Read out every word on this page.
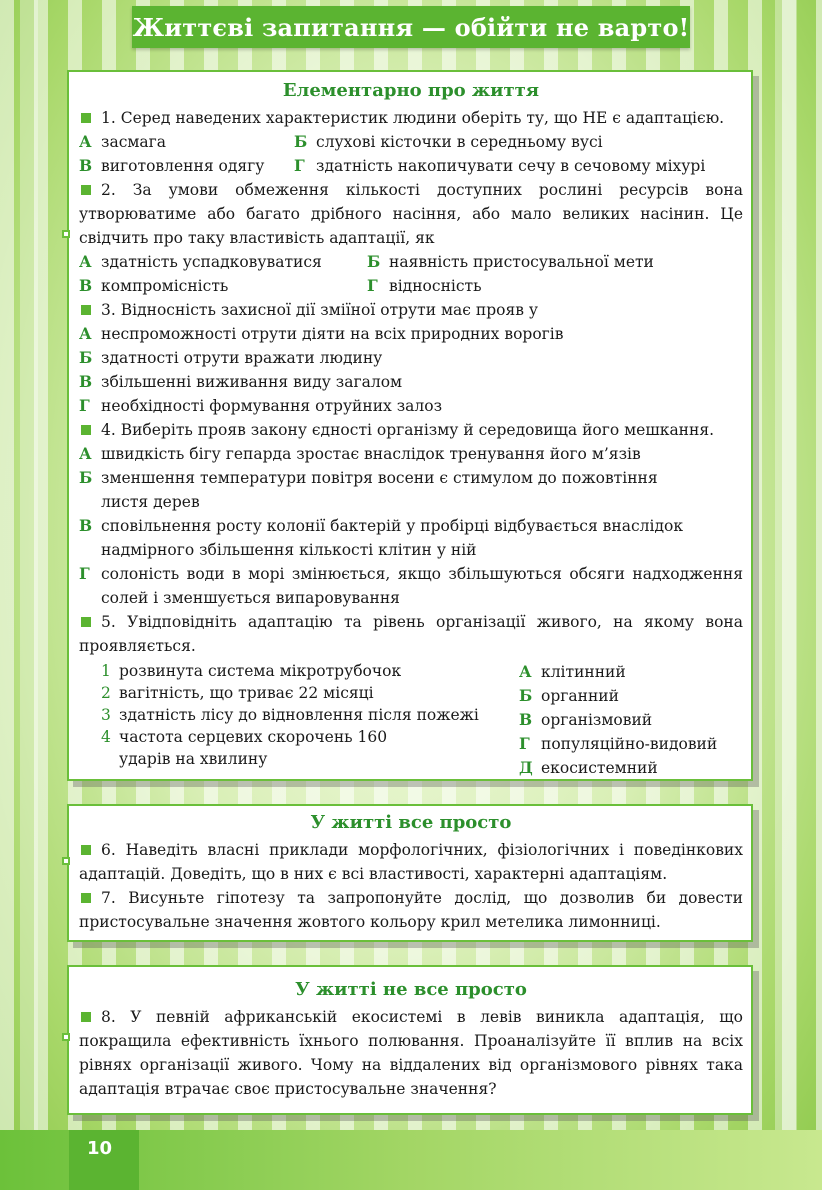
Життєві запитання — обійти не варто!
Елементарно про життя
1. Серед наведених характеристик людини оберіть ту, що НЕ є адаптацією.
А засмага	Б слухові кісточки в середньому вусі
В виготовлення одягу Г здатність накопичувати сечу в сечовому міхурі
2. За умови обмеження кількості доступних рослині ресурсів вона утворюватиме або багато дрібного насіння, або мало великих насінин. Це свідчить про таку властивість адаптації, як
А здатність успадковуватися	Б наявність пристосувальної мети
В компромісність	Г відносність
3. Відносність захисної дії зміїної отрути має прояв у
А неспроможності отрути діяти на всіх природних ворогів
Б здатності отрути вражати людину
В збільшенні виживання виду загалом
Г необхідності формування отруйних залоз
4. Виберіть прояв закону єдності організму й середовища його мешкання.
А швидкість бігу гепарда зростає внаслідок тренування його м’язів
Б зменшення температури повітря восени є стимулом до пожовтіння листя дерев
В сповільнення росту колонії бактерій у пробірці відбувається внаслідок надмірного збільшення кількості клітин у ній
Г солоність води в морі змінюється, якщо збільшуються обсяги надходження солей і зменшується випаровування
5. Увідповідніть адаптацію та рівень організації живого, на якому вона проявляється.
1 розвинута система мікротрубочок
2 вагітність, що триває 22 місяці
3 здатність лісу до відновлення після пожежі
4 частота серцевих скорочень 160 ударів на хвилину
А клітинний
Б органний
В організмовий
Г популяційно-видовий
Д екосистемний
У житті все просто
6. Наведіть власні приклади морфологічних, фізіологічних і поведінкових адаптацій. Доведіть, що в них є всі властивості, характерні адаптаціям.
7. Висуньте гіпотезу та запропонуйте дослід, що дозволив би довести пристосувальне значення жовтого кольору крил метелика лимонниці.
У житті не все просто
8. У певній африканській екосистемі в левів виникла адаптація, що покращила ефективність їхнього полювання. Проаналізуйте її вплив на всіх рівнях організації живого. Чому на віддалених від організмового рівнях така адаптація втрачає своє пристосувальне значення?
10
